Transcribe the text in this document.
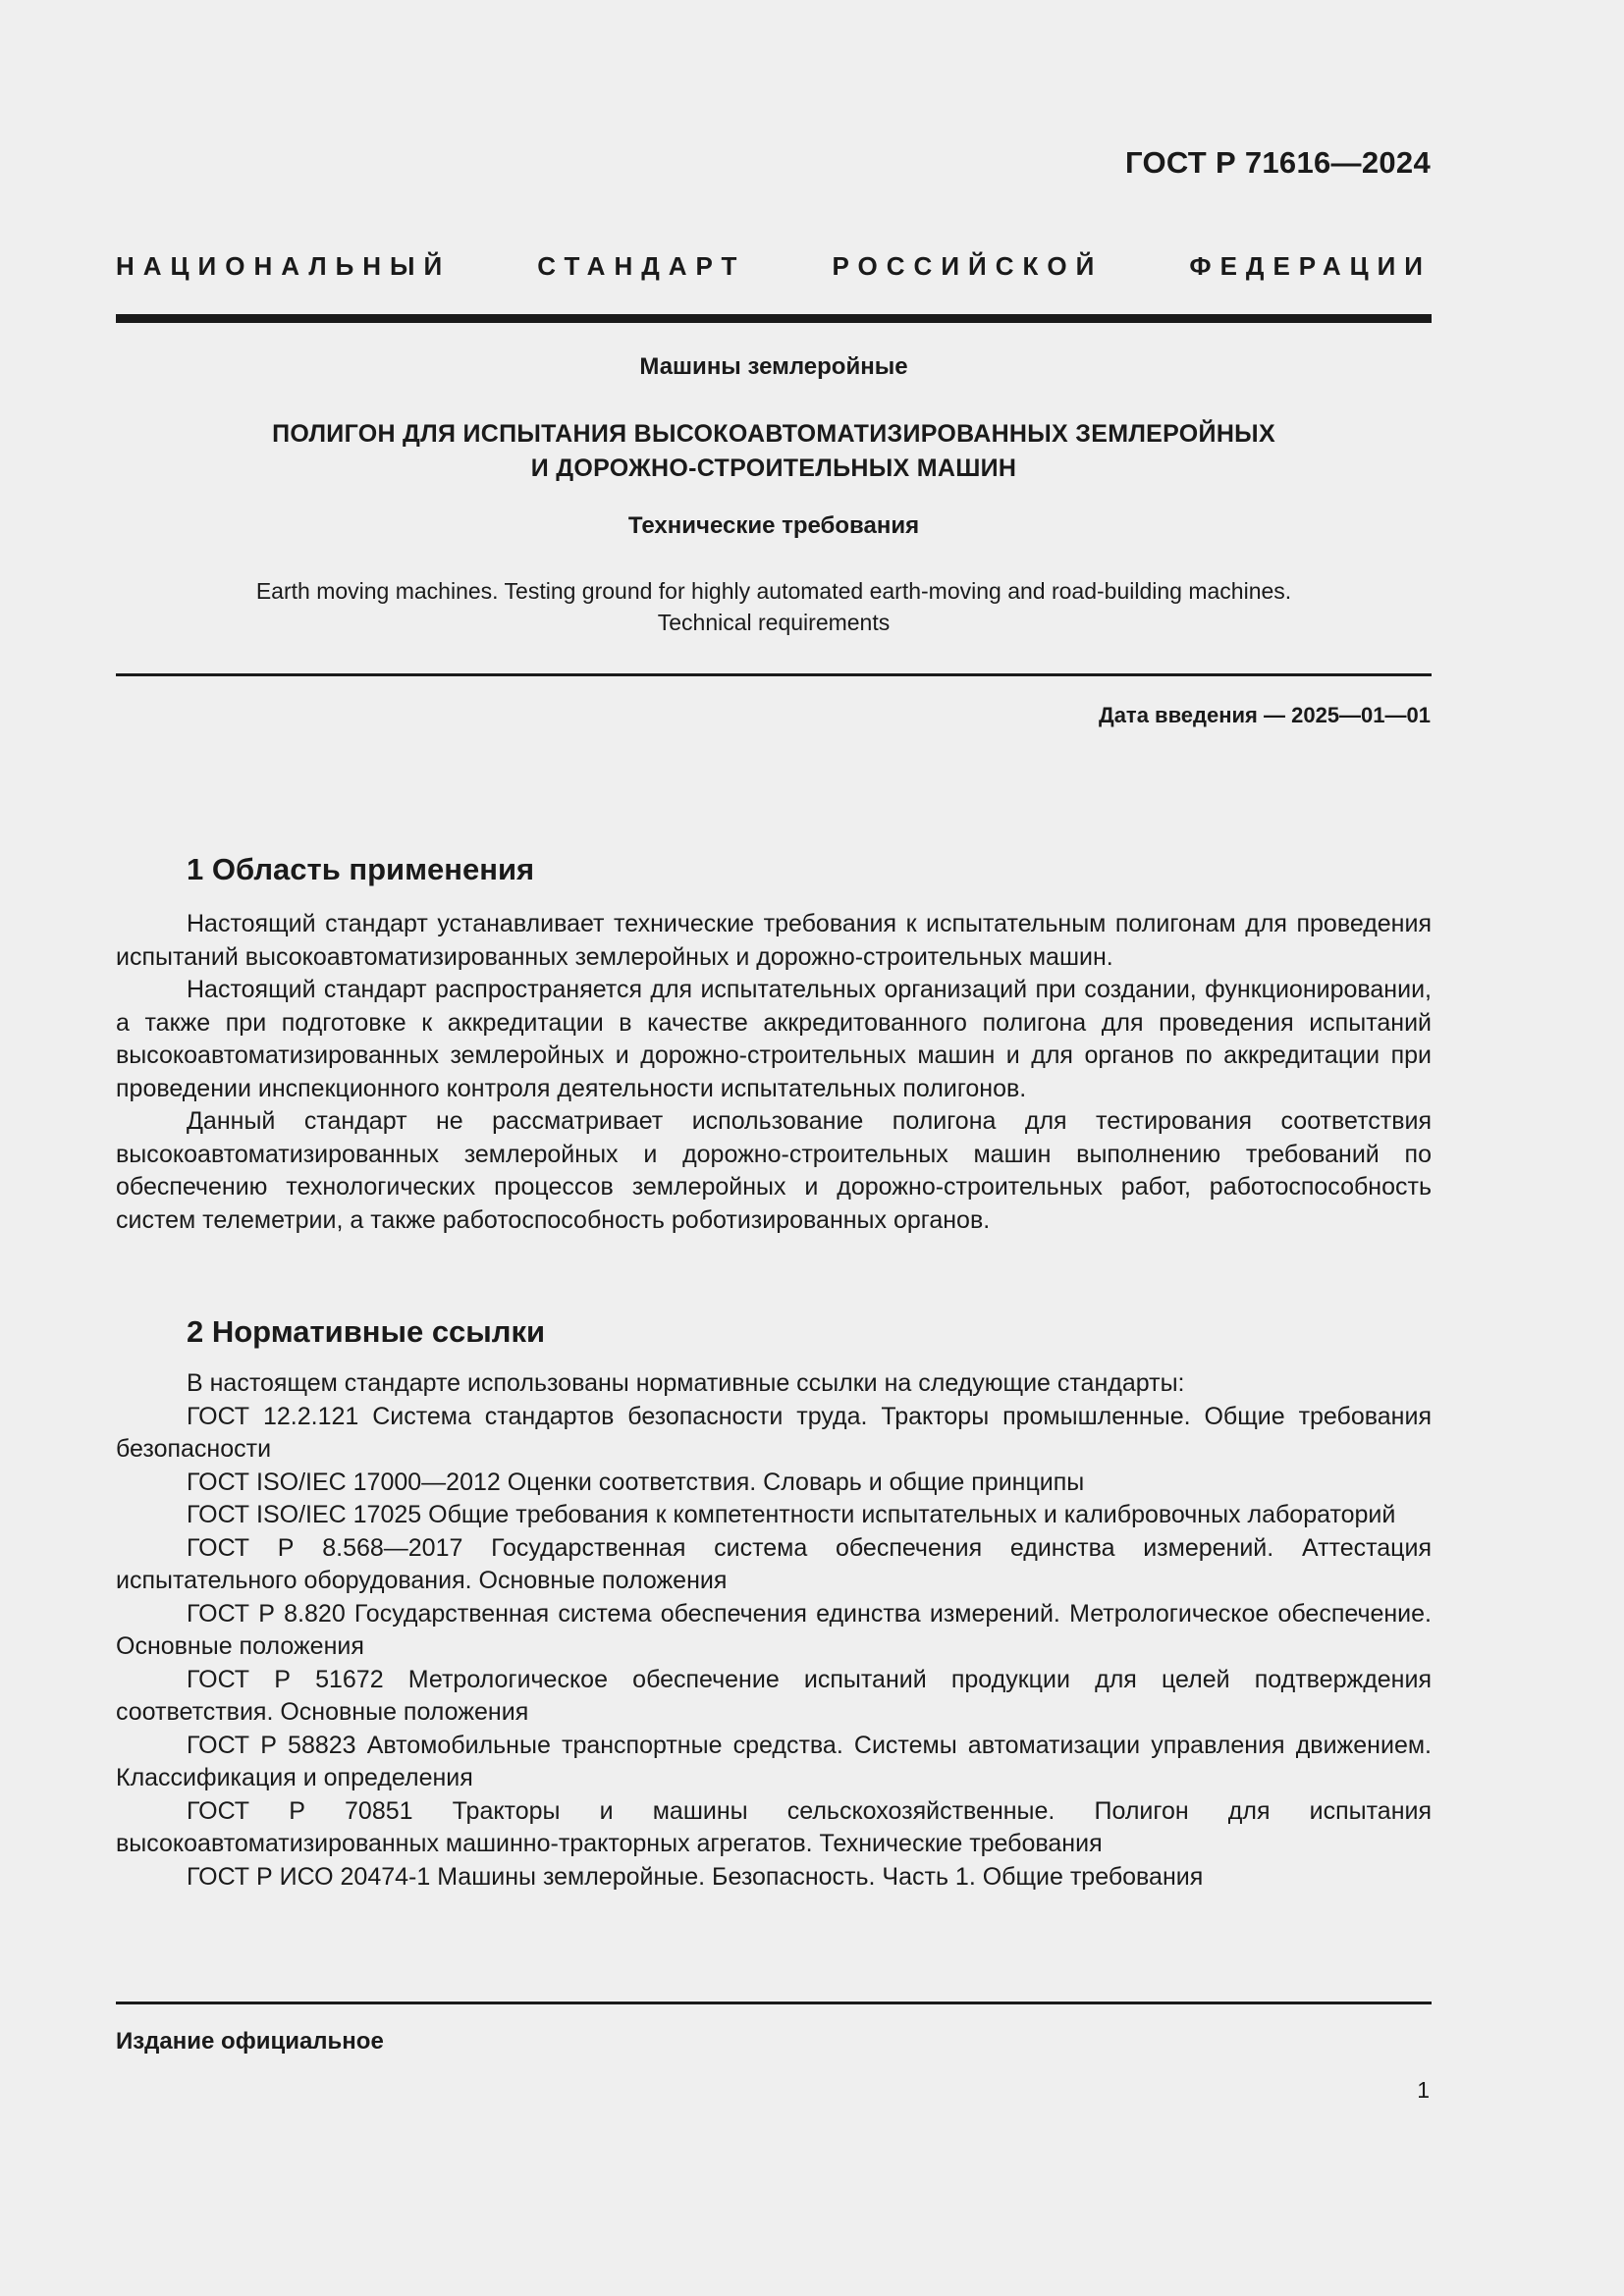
ГОСТ Р 71616—2024
НАЦИОНАЛЬНЫЙ СТАНДАРТ РОССИЙСКОЙ ФЕДЕРАЦИИ
Машины землеройные
ПОЛИГОН ДЛЯ ИСПЫТАНИЯ ВЫСОКОАВТОМАТИЗИРОВАННЫХ ЗЕМЛЕРОЙНЫХ
И ДОРОЖНО-СТРОИТЕЛЬНЫХ МАШИН
Технические требования
Earth moving machines. Testing ground for highly automated earth-moving and road-building machines.
Technical requirements
Дата введения — 2025—01—01
1 Область применения

Настоящий стандарт устанавливает технические требования к испытательным полигонам для проведения испытаний высокоавтоматизированных землеройных и дорожно-строительных машин.

Настоящий стандарт распространяется для испытательных организаций при создании, функционировании, а также при подготовке к аккредитации в качестве аккредитованного полигона для проведения испытаний высокоавтоматизированных землеройных и дорожно-строительных машин и для органов по аккредитации при проведении инспекционного контроля деятельности испытательных полигонов.

Данный стандарт не рассматривает использование полигона для тестирования соответствия высокоавтоматизированных землеройных и дорожно-строительных машин выполнению требований по обеспечению технологических процессов землеройных и дорожно-строительных работ, работоспособность систем телеметрии, а также работоспособность роботизированных органов.

2 Нормативные ссылки

В настоящем стандарте использованы нормативные ссылки на следующие стандарты:

ГОСТ 12.2.121 Система стандартов безопасности труда. Тракторы промышленные. Общие требования безопасности

ГОСТ ISO/IEC 17000—2012 Оценки соответствия. Словарь и общие принципы

ГОСТ ISO/IEC 17025 Общие требования к компетентности испытательных и калибровочных лабораторий

ГОСТ Р 8.568—2017 Государственная система обеспечения единства измерений. Аттестация испытательного оборудования. Основные положения

ГОСТ Р 8.820 Государственная система обеспечения единства измерений. Метрологическое обеспечение. Основные положения

ГОСТ Р 51672 Метрологическое обеспечение испытаний продукции для целей подтверждения соответствия. Основные положения

ГОСТ Р 58823 Автомобильные транспортные средства. Системы автоматизации управления движением. Классификация и определения

ГОСТ Р 70851 Тракторы и машины сельскохозяйственные. Полигон для испытания высокоавтоматизированных машинно-тракторных агрегатов. Технические требования

ГОСТ Р ИСО 20474-1 Машины землеройные. Безопасность. Часть 1. Общие требования

Издание официальное
1
